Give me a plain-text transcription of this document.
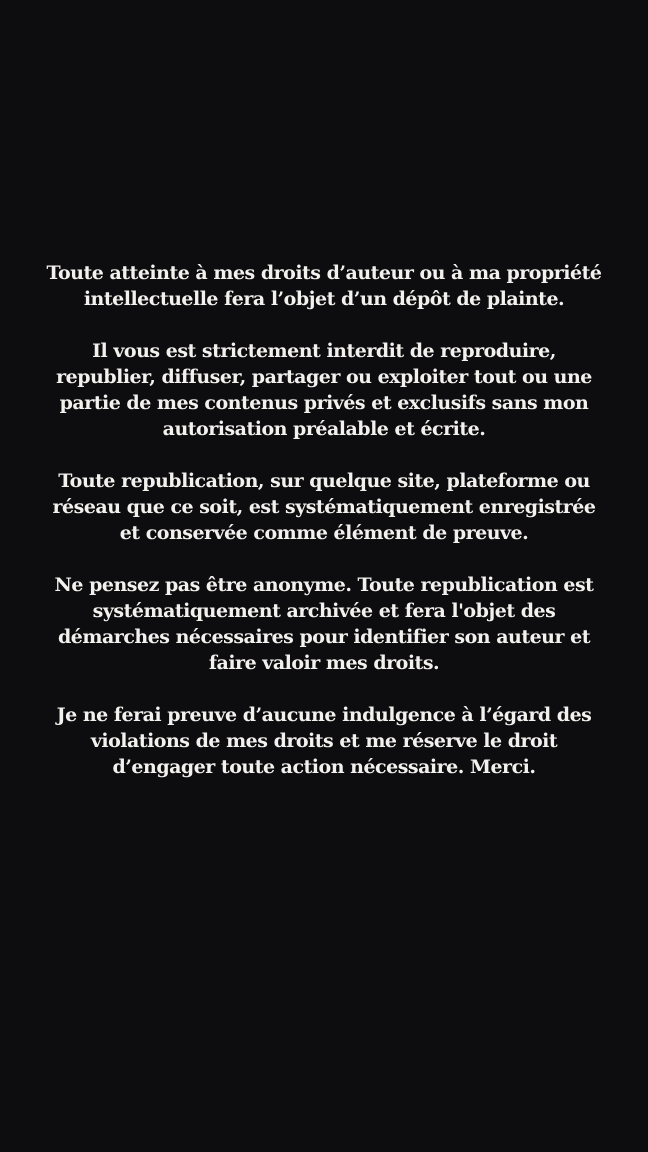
Toute atteinte à mes droits d’auteur ou à ma propriété intellectuelle fera l’objet d’un dépôt de plainte.

Il vous est strictement interdit de reproduire, republier, diffuser, partager ou exploiter tout ou une partie de mes contenus privés et exclusifs sans mon autorisation préalable et écrite.

Toute republication, sur quelque site, plateforme ou réseau que ce soit, est systématiquement enregistrée et conservée comme élément de preuve.

Ne pensez pas être anonyme. Toute republication est systématiquement archivée et fera l'objet des démarches nécessaires pour identifier son auteur et faire valoir mes droits.

Je ne ferai preuve d’aucune indulgence à l’égard des violations de mes droits et me réserve le droit d’engager toute action nécessaire. Merci.
